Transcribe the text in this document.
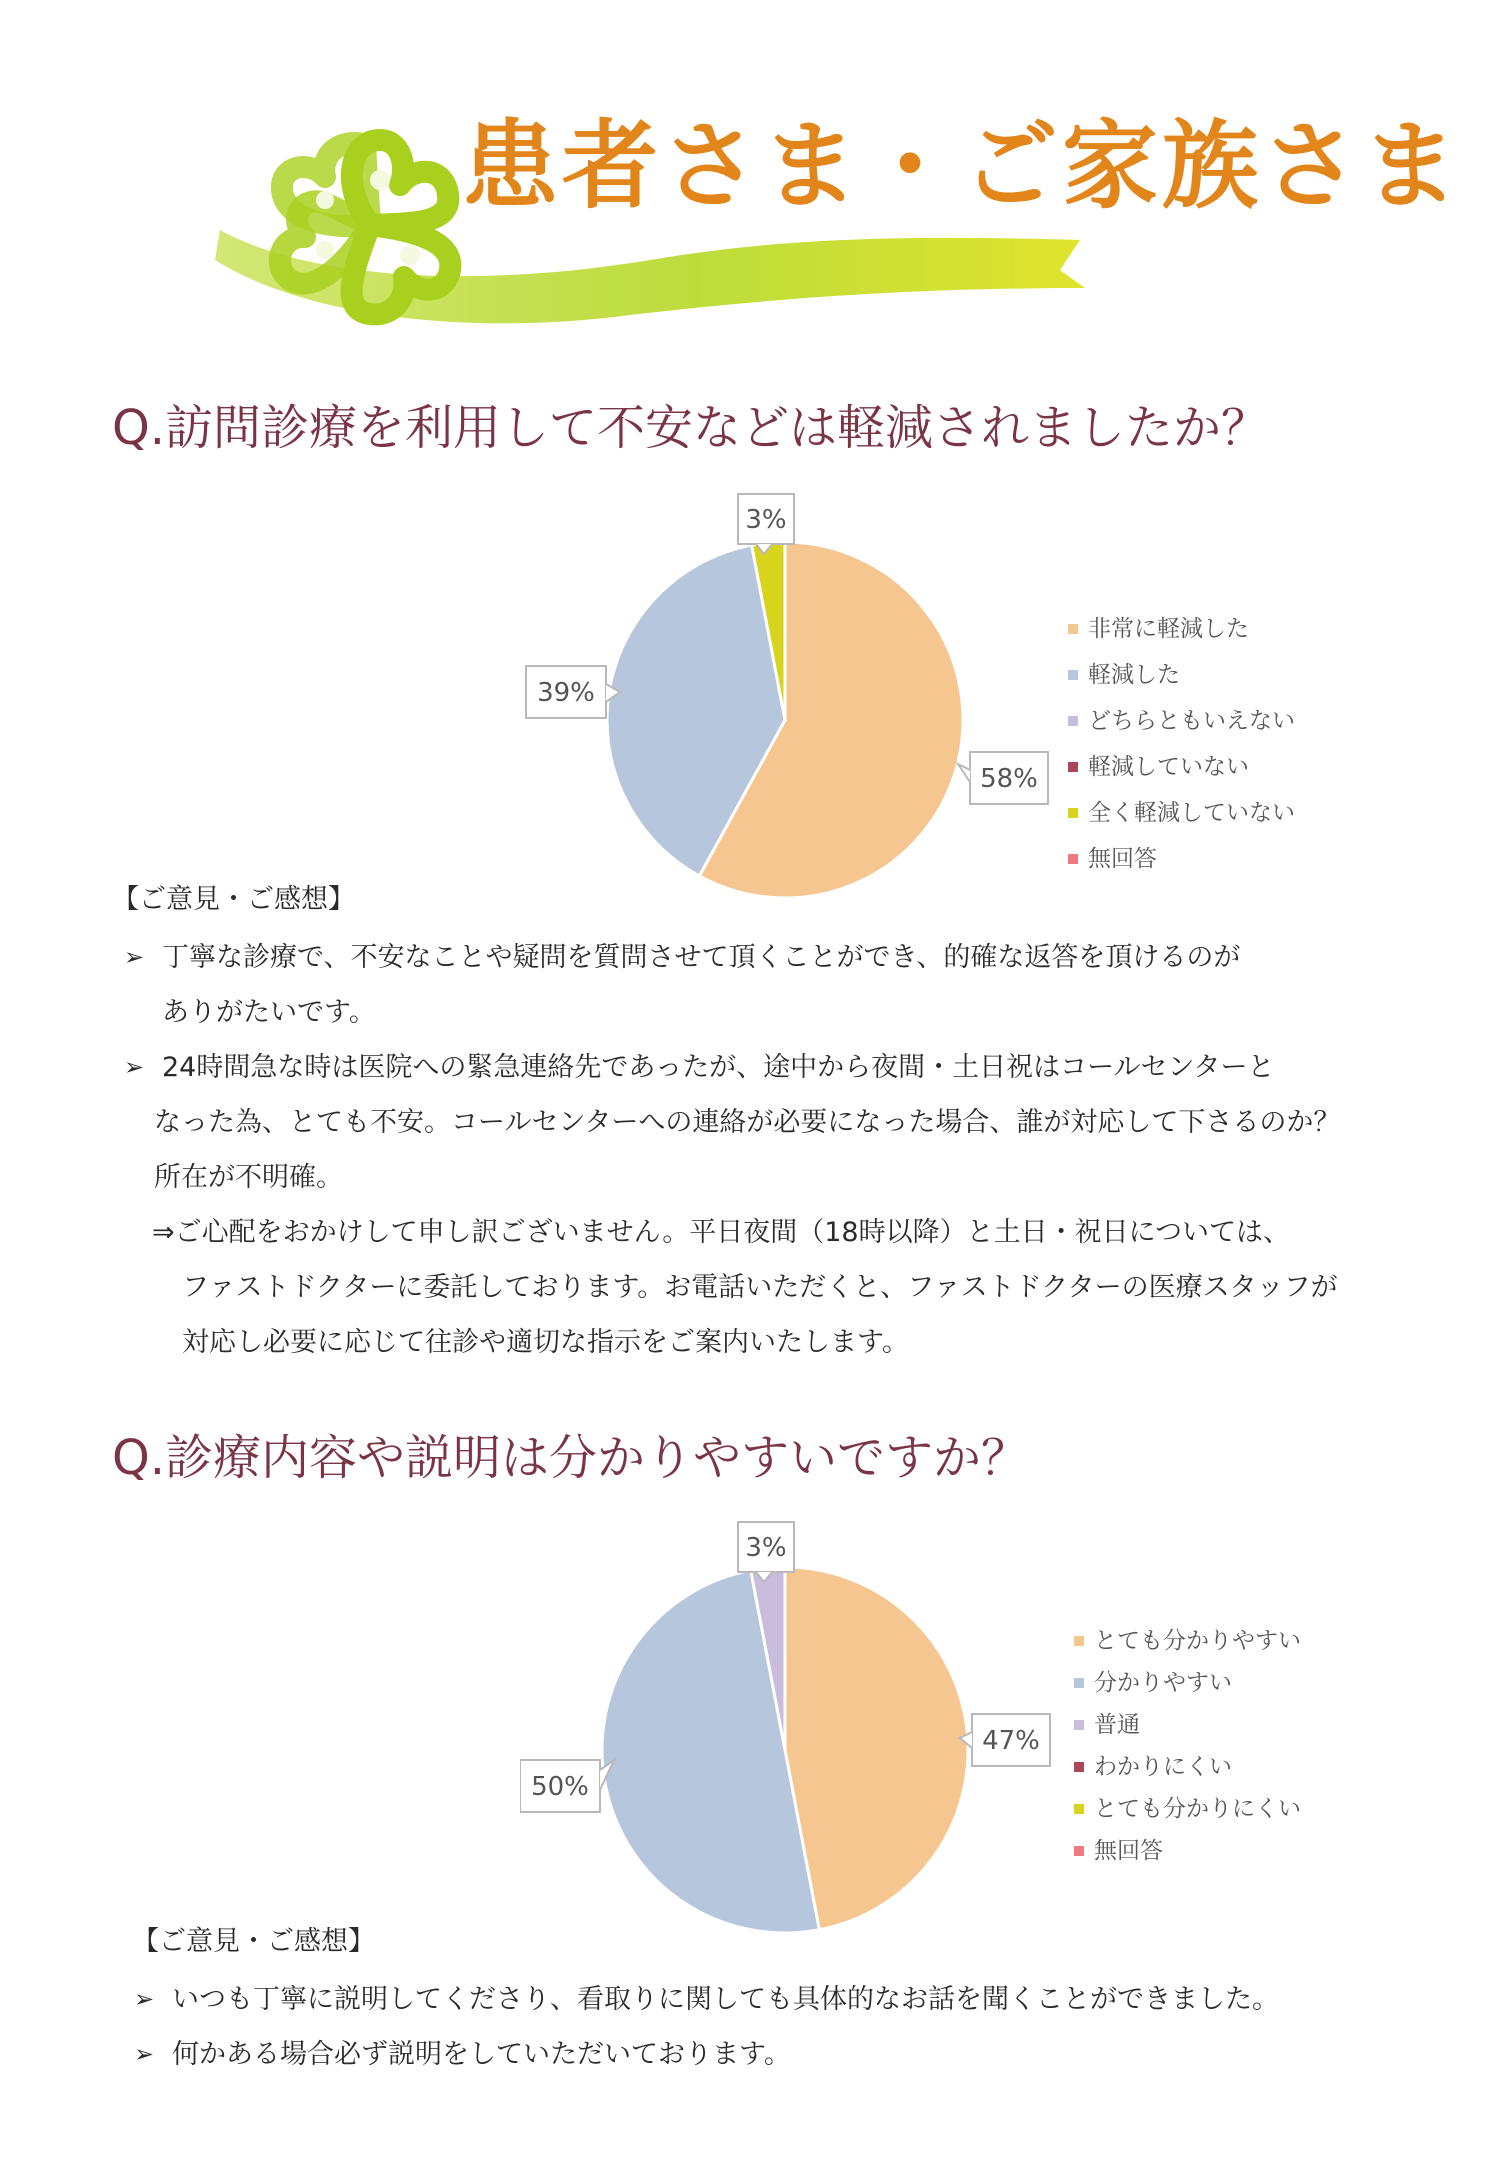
患者さま・ご家族さま
Q.訪問診療を利用して不安などは軽減されましたか？
58%
39%
3%
非常に軽減した
軽減した
どちらともいえない
軽減していない
全く軽減していない
無回答
【ご意見・ご感想】
➢ 丁寧な診療で、不安なことや疑問を質問させて頂くことができ、的確な返答を頂けるのが
ありがたいです。
➢ 24時間急な時は医院への緊急連絡先であったが、途中から夜間・土日祝はコールセンターと
なった為、とても不安。コールセンターへの連絡が必要になった場合、誰が対応して下さるのか？
所在が不明確。
⇒ご心配をおかけして申し訳ございません。平日夜間（18時以降）と土日・祝日については、
ファストドクターに委託しております。お電話いただくと、ファストドクターの医療スタッフが
対応し必要に応じて往診や適切な指示をご案内いたします。
Q.診療内容や説明は分かりやすいですか？
47%
50%
3%
とても分かりやすい
分かりやすい
普通
わかりにくい
とても分かりにくい
無回答
【ご意見・ご感想】
➢ いつも丁寧に説明してくださり、看取りに関しても具体的なお話を聞くことができました。
➢ 何かある場合必ず説明をしていただいております。
